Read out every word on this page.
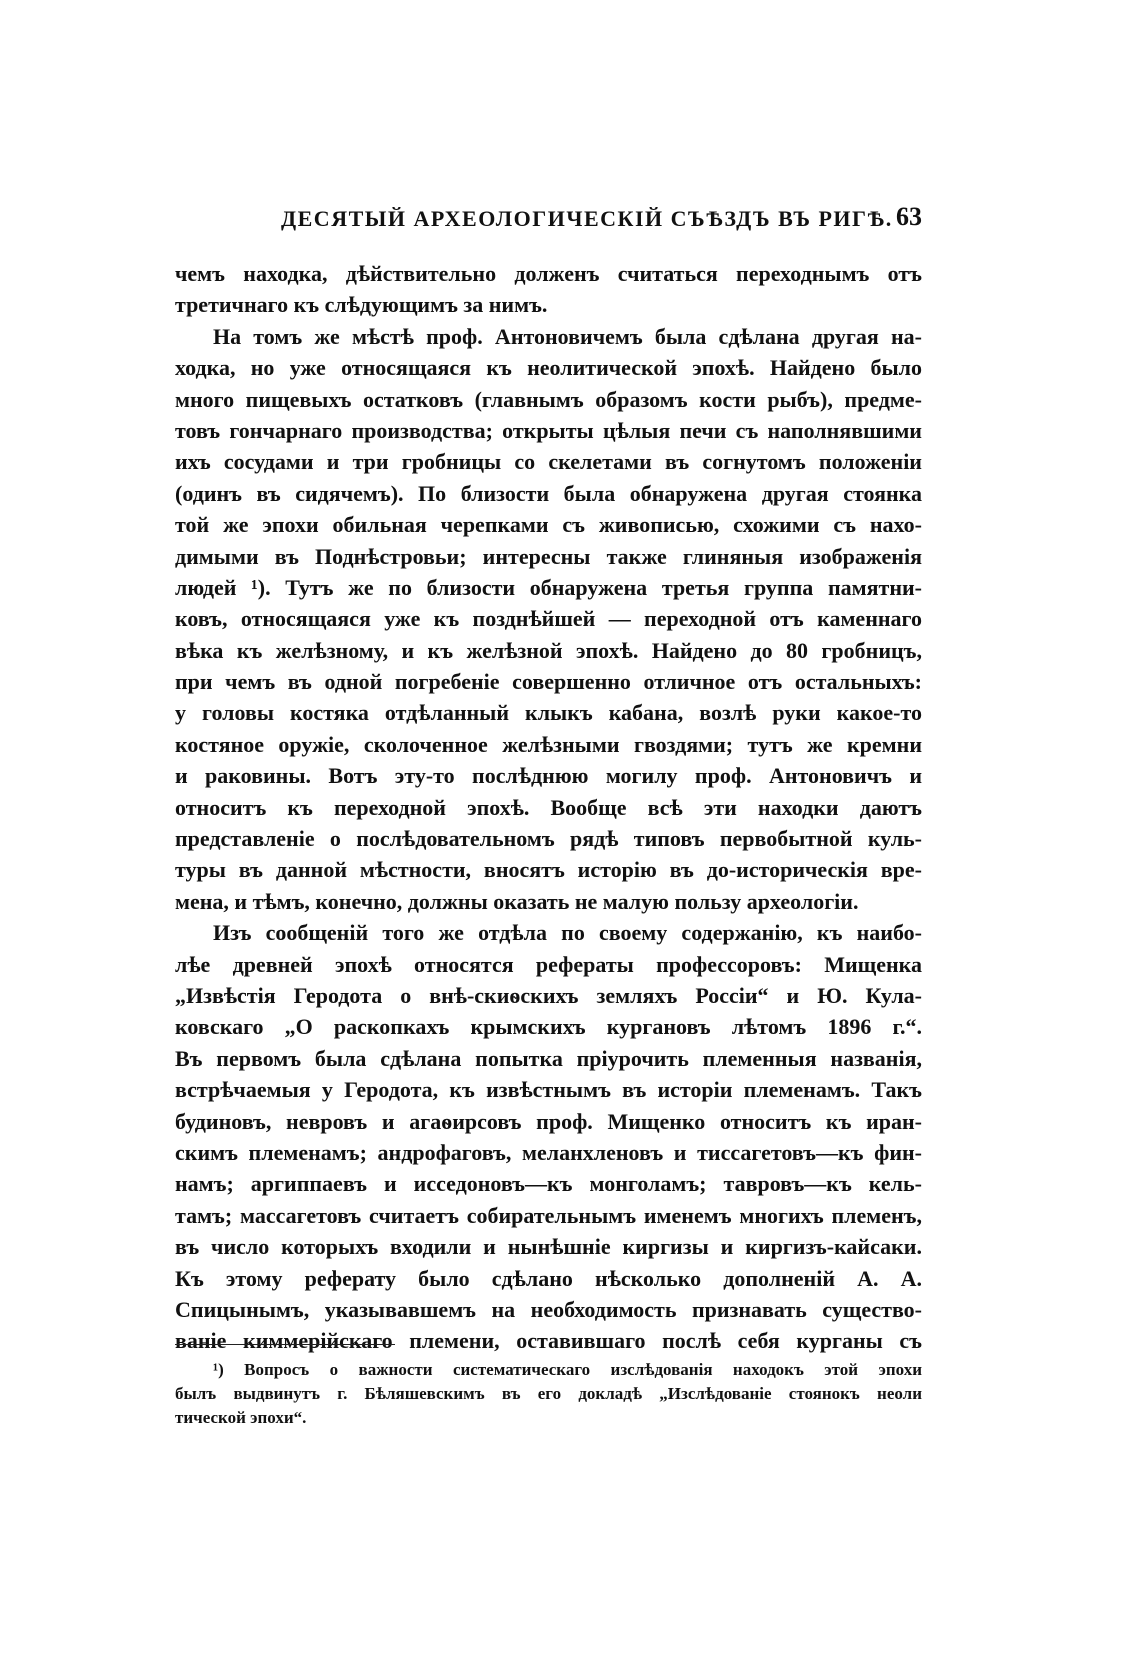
ДЕСЯТЫЙ АРХЕОЛОГИЧЕСКІЙ СЪѢЗДЪ ВЪ РИГѢ. 63
чемъ находка, дѣйствительно долженъ считаться переходнымъ отъ
третичнаго къ слѣдующимъ за нимъ.
На томъ же мѣстѣ проф. Антоновичемъ была сдѣлана другая на-
ходка, но уже относящаяся къ неолитической эпохѣ. Найдено было
много пищевыхъ остатковъ (главнымъ образомъ кости рыбъ), предме-
товъ гончарнаго производства; открыты цѣлыя печи съ наполнявшими
ихъ сосудами и три гробницы со скелетами въ согнутомъ положеніи
(одинъ въ сидячемъ). По близости была обнаружена другая стоянка
той же эпохи обильная черепками съ живописью, схожими съ нахо-
димыми въ Поднѣстровьи; интересны также глиняныя изображенія
людей ¹). Тутъ же по близости обнаружена третья группа памятни-
ковъ, относящаяся уже къ позднѣйшей — переходной отъ каменнаго
вѣка къ желѣзному, и къ желѣзной эпохѣ. Найдено до 80 гробницъ,
при чемъ въ одной погребеніе совершенно отличное отъ остальныхъ:
у головы костяка отдѣланный клыкъ кабана, возлѣ руки какое-то
костяное оружіе, сколоченное желѣзными гвоздями; тутъ же кремни
и раковины. Вотъ эту-то послѣднюю могилу проф. Антоновичъ и
относитъ къ переходной эпохѣ. Вообще всѣ эти находки даютъ
представленіе о послѣдовательномъ рядѣ типовъ первобытной куль-
туры въ данной мѣстности, вносятъ исторію въ до-историческія вре-
мена, и тѣмъ, конечно, должны оказать не малую пользу археологіи.
Изъ сообщеній того же отдѣла по своему содержанію, къ наибо-
лѣе древней эпохѣ относятся рефераты профессоровъ: Мищенка
„Извѣстія Геродота о внѣ-скиѳскихъ земляхъ Россіи“ и Ю. Кула-
ковскаго „О раскопкахъ крымскихъ кургановъ лѣтомъ 1896 г.“.
Въ первомъ была сдѣлана попытка пріурочить племенныя названія,
встрѣчаемыя у Геродота, къ извѣстнымъ въ исторіи племенамъ. Такъ
будиновъ, невровъ и агаѳирсовъ проф. Мищенко относитъ къ иран-
скимъ племенамъ; андрофаговъ, меланхленовъ и тиссагетовъ—къ фин-
намъ; аргиппаевъ и исседоновъ—къ монголамъ; тавровъ—къ кель-
тамъ; массагетовъ считаетъ собирательнымъ именемъ многихъ племенъ,
въ число которыхъ входили и нынѣшніе киргизы и киргизъ-кайсаки.
Къ этому реферату было сдѣлано нѣсколько дополненій А. А.
Спицынымъ, указывавшемъ на необходимость признавать существо-
ваніе киммерійскаго племени, оставившаго послѣ себя курганы съ
¹) Вопросъ о важности систематическаго изслѣдованія находокъ этой эпохи
былъ выдвинутъ г. Бѣляшевскимъ въ его докладѣ „Изслѣдованіе стоянокъ неоли
тической эпохи“.
